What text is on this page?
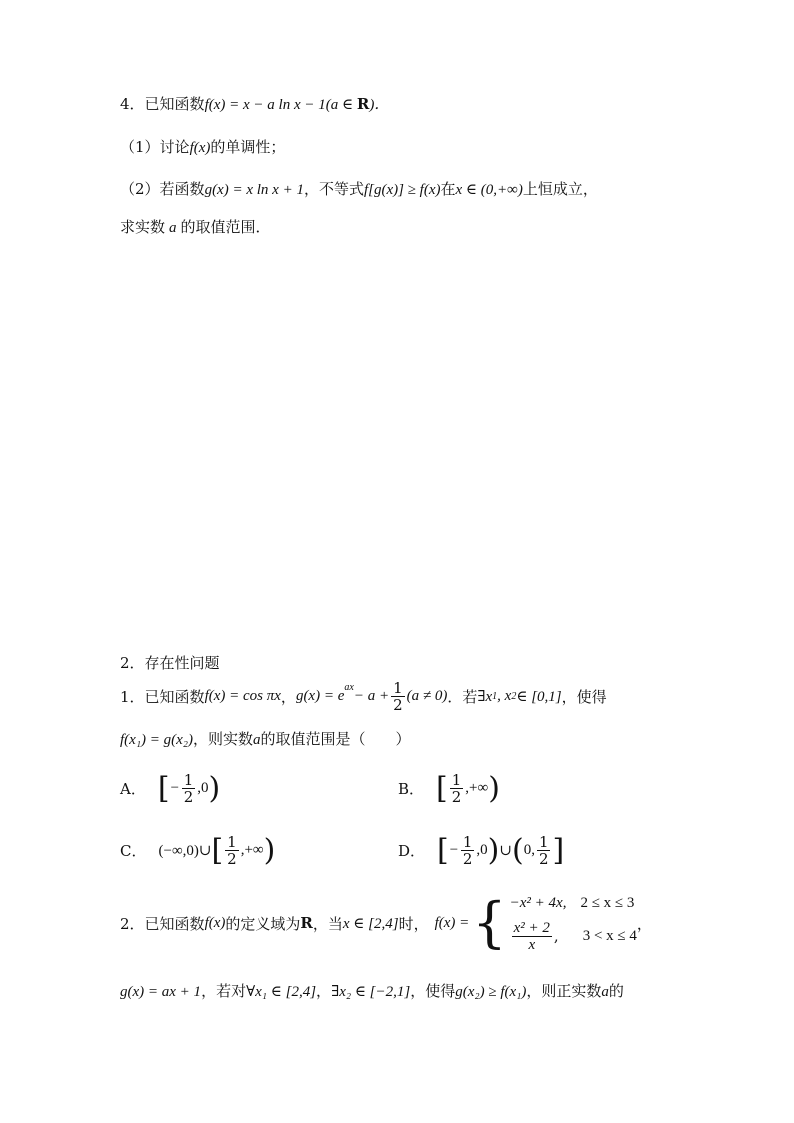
4．已知函数f(x) = x − a ln x − 1(a ∈ R)．
（1）讨论f(x)的单调性；
（2）若函数g(x) = x ln x + 1，不等式f[g(x)] ≥ f(x)在x ∈ (0,+∞)上恒成立，
求实数 a 的取值范围．
2．存在性问题
1． 已知函数 f(x) = cos πx ， $g(x) = e^{ax} - a + \frac{1}{2} (a \ne 0)$ ．若 ∃x 1 , x 2 ∈ [0,1] ，使得
f(x₁) = g(x₂)，则实数a的取值范围是（　　）
A． [ − $\frac{1}{2} ,0$ )	B． [ $\frac{1}{2}$ ,+∞ )
C． (−∞,0)∪ [ $\frac{1}{2}$ ,+∞ )	D． [ − $\frac{1}{2} ,0$ ) ∪ ( 0, $\frac{1}{2}$ ]
2． 已知函数 f(x) 的定义域为 R ，当 x ∈ [2,4] 时， f(x) = { −x² + 4x, 2 ≤ x ≤ 3
$\frac{\text{x² + 2}}{x}$ , 3 < x ≤ 4
，
g(x) = ax + 1，若对∀x₁ ∈ [2,4]，∃x₂ ∈ [−2,1]，使得g(x₂) ≥ f(x₁)，则正实数a的
